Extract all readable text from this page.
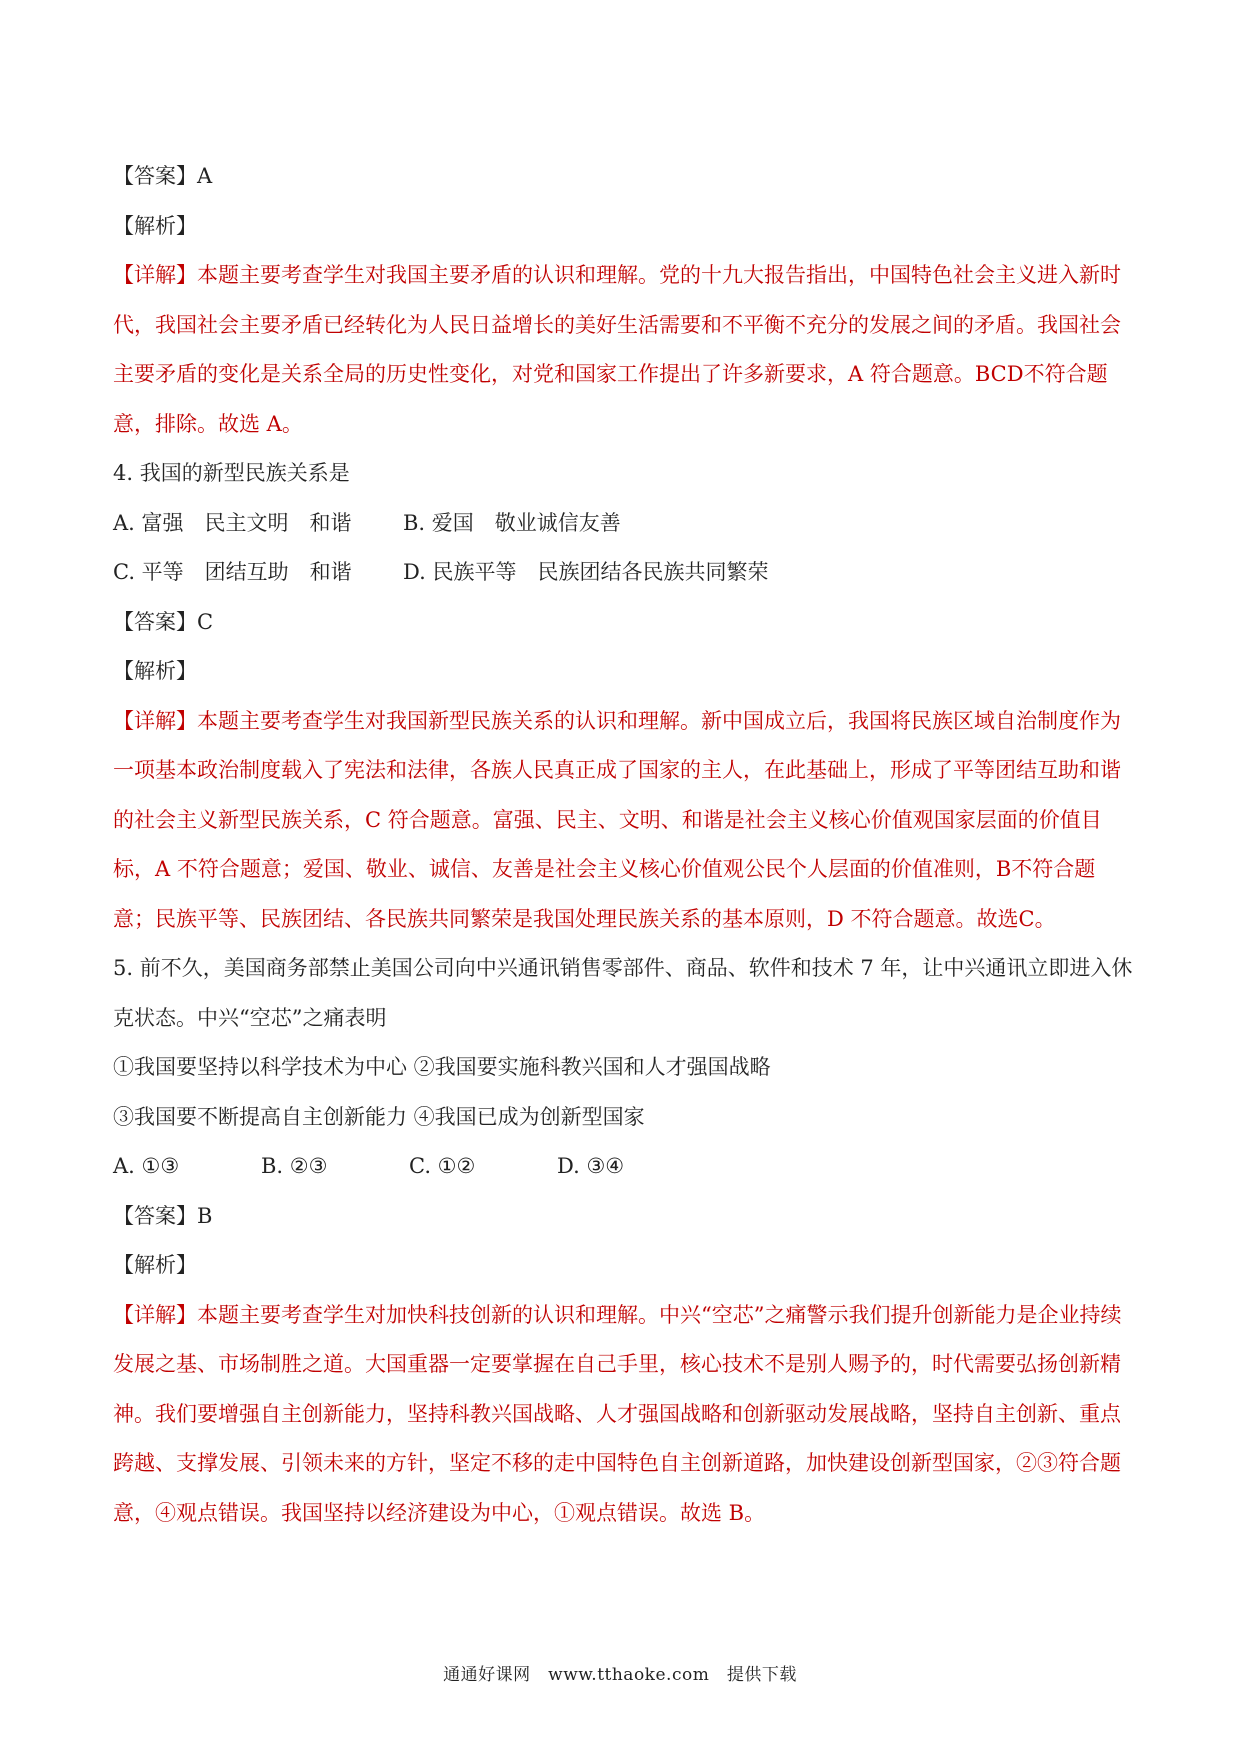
【答案】A

【解析】

【详解】本题主要考查学生对我国主要矛盾的认识和理解。党的十九大报告指出，中国特色社会主义进入新时代，我国社会主要矛盾已经转化为人民日益增长的美好生活需要和不平衡不充分的发展之间的矛盾。我国社会主要矛盾的变化是关系全局的历史性变化，对党和国家工作提出了许多新要求，A 符合题意。BCD不符合题意，排除。故选 A。

4. 我国的新型民族关系是

A. 富强　民主文明　和谐 B. 爱国　敬业诚信友善

C. 平等　团结互助　和谐 D. 民族平等　民族团结各民族共同繁荣

【答案】C

【解析】

【详解】本题主要考查学生对我国新型民族关系的认识和理解。新中国成立后，我国将民族区域自治制度作为一项基本政治制度载入了宪法和法律，各族人民真正成了国家的主人，在此基础上，形成了平等团结互助和谐的社会主义新型民族关系，C 符合题意。富强、民主、文明、和谐是社会主义核心价值观国家层面的价值目标，A 不符合题意；爱国、敬业、诚信、友善是社会主义核心价值观公民个人层面的价值准则，B不符合题意；民族平等、民族团结、各民族共同繁荣是我国处理民族关系的基本原则，D 不符合题意。故选C。

5. 前不久，美国商务部禁止美国公司向中兴通讯销售零部件、商品、软件和技术 7 年，让中兴通讯立即进入休克状态。中兴“空芯”之痛表明

①我国要坚持以科学技术为中心 ②我国要实施科教兴国和人才强国战略

③我国要不断提高自主创新能力 ④我国已成为创新型国家

A. ①③	B. ②③	C. ①②	D. ③④

【答案】B

【解析】

【详解】本题主要考查学生对加快科技创新的认识和理解。中兴“空芯”之痛警示我们提升创新能力是企业持续发展之基、市场制胜之道。大国重器一定要掌握在自己手里，核心技术不是别人赐予的，时代需要弘扬创新精神。我们要增强自主创新能力，坚持科教兴国战略、人才强国战略和创新驱动发展战略，坚持自主创新、重点跨越、支撑发展、引领未来的方针，坚定不移的走中国特色自主创新道路，加快建设创新型国家，②③符合题意，④观点错误。我国坚持以经济建设为中心，①观点错误。故选 B。

通通好课网　www.tthaoke.com　提供下载
